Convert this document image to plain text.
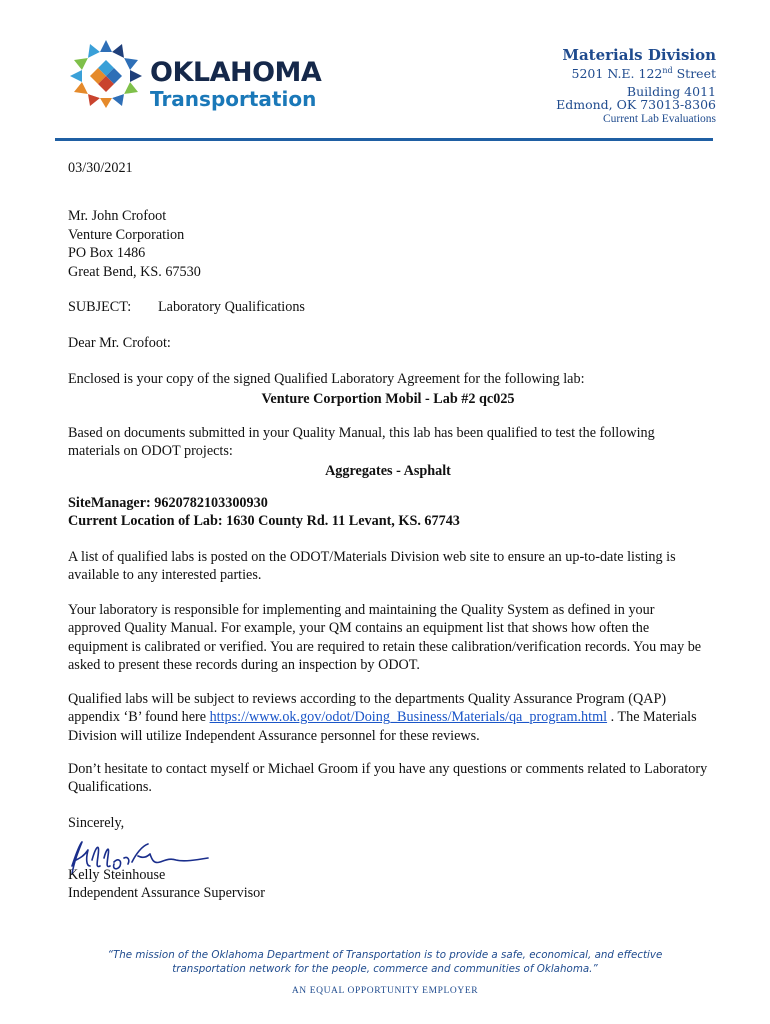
OKLAHOMA
Transportation
Materials Division
5201 N.E. 122nd Street
Building 4011
Edmond, OK 73013-8306
Current Lab Evaluations
03/30/2021
Mr. John Crofoot
Venture Corporation
PO Box 1486
Great Bend, KS. 67530
SUBJECT: Laboratory Qualifications
Dear Mr. Crofoot:
Enclosed is your copy of the signed Qualified Laboratory Agreement for the following lab:
Venture Corportion Mobil - Lab #2 qc025
Based on documents submitted in your Quality Manual, this lab has been qualified to test the following materials on ODOT projects:
Aggregates - Asphalt
SiteManager: 9620782103300930
Current Location of Lab: 1630 County Rd. 11 Levant, KS. 67743
A list of qualified labs is posted on the ODOT/Materials Division web site to ensure an up-to-date listing is available to any interested parties.
Your laboratory is responsible for implementing and maintaining the Quality System as defined in your approved Quality Manual. For example, your QM contains an equipment list that shows how often the equipment is calibrated or verified. You are required to retain these calibration/verification records. You may be asked to present these records during an inspection by ODOT.
Qualified labs will be subject to reviews according to the departments Quality Assurance Program (QAP) appendix ‘B’ found here https://www.ok.gov/odot/Doing_Business/Materials/qa_program.html . The Materials Division will utilize Independent Assurance personnel for these reviews.
Don’t hesitate to contact myself or Michael Groom if you have any questions or comments related to Laboratory Qualifications.
Sincerely,
Kelly Steinhouse
Independent Assurance Supervisor
“The mission of the Oklahoma Department of Transportation is to provide a safe, economical, and effective transportation network for the people, commerce and communities of Oklahoma.”
AN EQUAL OPPORTUNITY EMPLOYER
